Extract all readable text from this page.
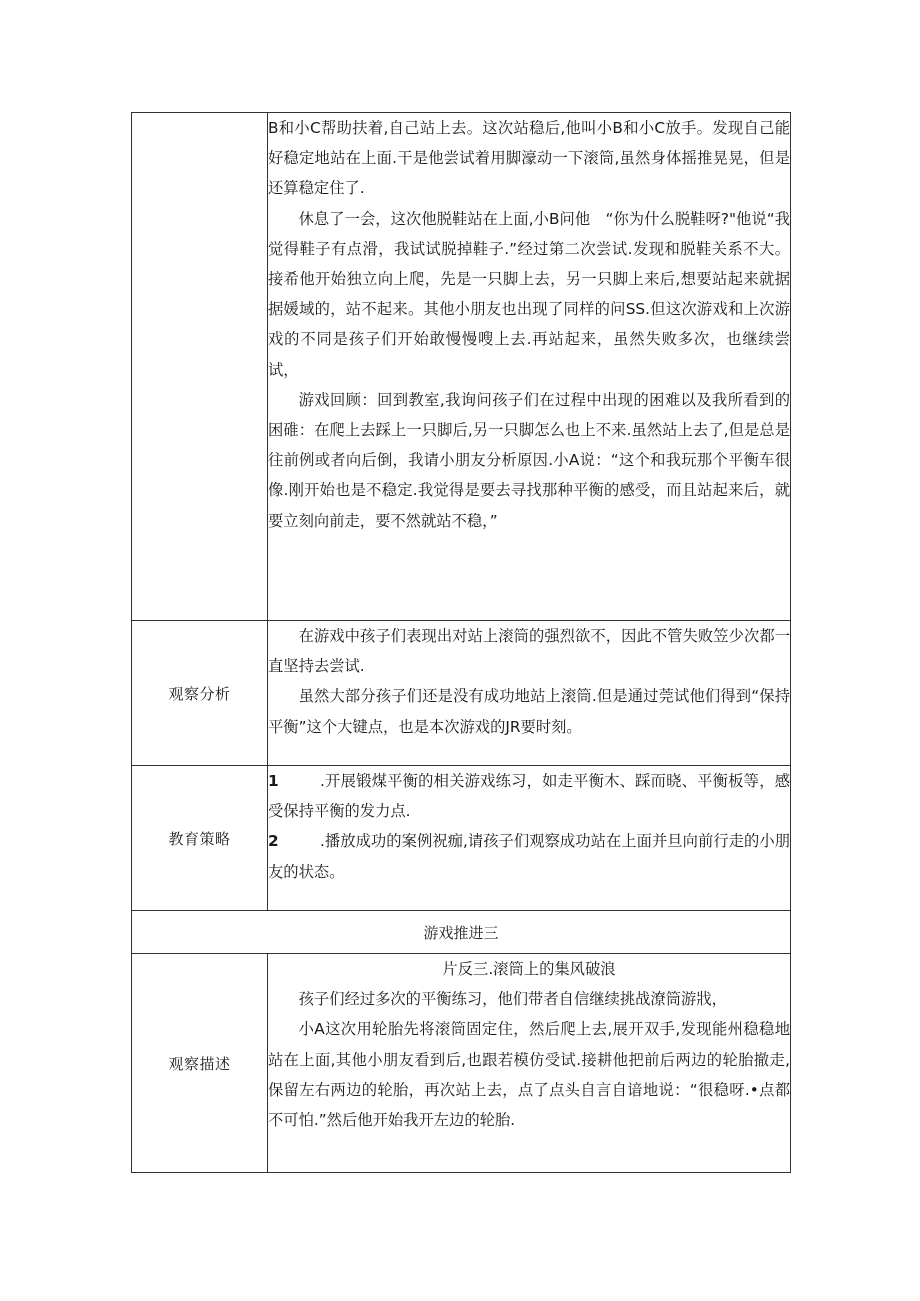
	B和小C帮助扶着,自己站上去。这次站稳后,他叫小B和小C放手。发现自己能好稳定地站在上面.干是他尝试着用脚濠动一下滚筒,虽然身体摇推晃晃，但是还算稳定住了.

休息了一会，这次他脱鞋站在上面,小B问他　“你为什么脱鞋呀?"他说“我觉得鞋子有点滑，我试试脱掉鞋子.”经过第二次尝试.发现和脱鞋关系不大。接希他开始独立向上爬，先是一只脚上去，另一只脚上来后,想要站起来就据据媛域的，站不起来。其他小朋友也出现了同样的问SS.但这次游戏和上次游戏的不同是孩子们开始敢慢慢嗖上去.再站起来，虽然失败多次，也继续尝试，

游戏回顾：回到教室,我询问孩子们在过程中出现的困难以及我所看到的困碓：在爬上去踩上一只脚后,另一只脚怎么也上不来.虽然站上去了,但是总是往前例或者向后倒，我请小朋友分析原因.小A说：“这个和我玩那个平衡车很像.刚开始也是不稳定.我觉得是要去寻找那种平衡的感受，而且站起来后，就要立刻向前走，要不然就站不稳，”

观察分析	在游戏中孩子们表现出对站上滚筒的强烈欲不，因此不管失败笠少次都一直坚持去尝试.

虽然大部分孩子们还是没有成功地站上滚筒.但是通过莞试他们得到“保持平衡”这个大键点，也是本次游戏的JR要时刻。

教育策略	1 .开展锻煤平衡的相关游戏练习，如走平衡木、踩而晓、平衡板等，感受保持平衡的发力点.

2 .播放成功的案例祝痂,请孩子们观察成功站在上面并旦向前行走的小朋友的状态。

游戏推进三	
观察描述	片反三.滚筒上的集风破浪

孩子们经过多次的平衡练习，他们带者自信继续挑战潦筒游戕，

小A这次用轮胎先将滚筒固定住，然后爬上去,展开双手,发现能州稳稳地站在上面,其他小朋友看到后,也跟若模仿受试.接耕他把前后两边的轮胎撤走,保留左右两边的轮胎，再次站上去，点了点头自言自谙地说：“很稳呀.•点都不可怕.”然后他开始我开左边的轮胎.
